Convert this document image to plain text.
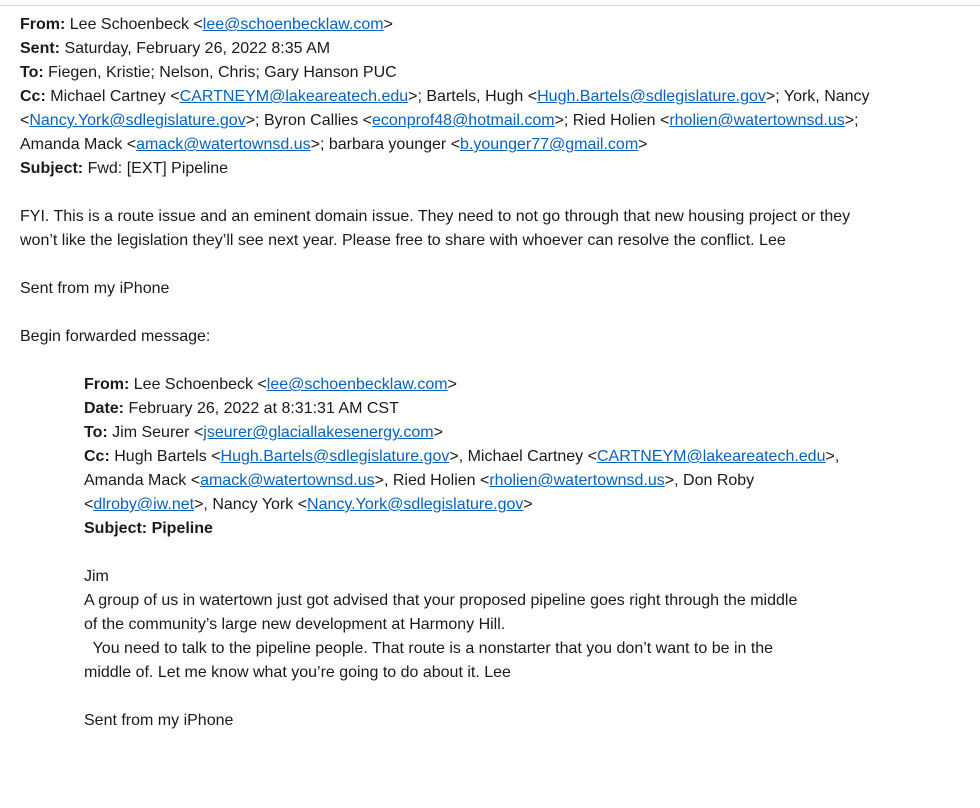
From: Lee Schoenbeck <lee@schoenbecklaw.com>
Sent: Saturday, February 26, 2022 8:35 AM
To: Fiegen, Kristie; Nelson, Chris; Gary Hanson PUC
Cc: Michael Cartney <CARTNEYM@lakeareatech.edu>; Bartels, Hugh <Hugh.Bartels@sdlegislature.gov>; York, Nancy
<Nancy.York@sdlegislature.gov>; Byron Callies <econprof48@hotmail.com>; Ried Holien <rholien@watertownsd.us>;
Amanda Mack <amack@watertownsd.us>; barbara younger <b.younger77@gmail.com>
Subject: Fwd: [EXT] Pipeline
FYI. This is a route issue and an eminent domain issue. They need to not go through that new housing project or they
won’t like the legislation they’ll see next year. Please free to share with whoever can resolve the conflict. Lee
Sent from my iPhone
Begin forwarded message:
From: Lee Schoenbeck <lee@schoenbecklaw.com>
Date: February 26, 2022 at 8:31:31 AM CST
To: Jim Seurer <jseurer@glaciallakesenergy.com>
Cc: Hugh Bartels <Hugh.Bartels@sdlegislature.gov>, Michael Cartney <CARTNEYM@lakeareatech.edu>,
Amanda Mack <amack@watertownsd.us>, Ried Holien <rholien@watertownsd.us>, Don Roby
<dlroby@iw.net>, Nancy York <Nancy.York@sdlegislature.gov>
Subject: Pipeline
Jim
A group of us in watertown just got advised that your proposed pipeline goes right through the middle
of the community’s large new development at Harmony Hill.
You need to talk to the pipeline people. That route is a nonstarter that you don’t want to be in the
middle of. Let me know what you’re going to do about it. Lee
Sent from my iPhone
